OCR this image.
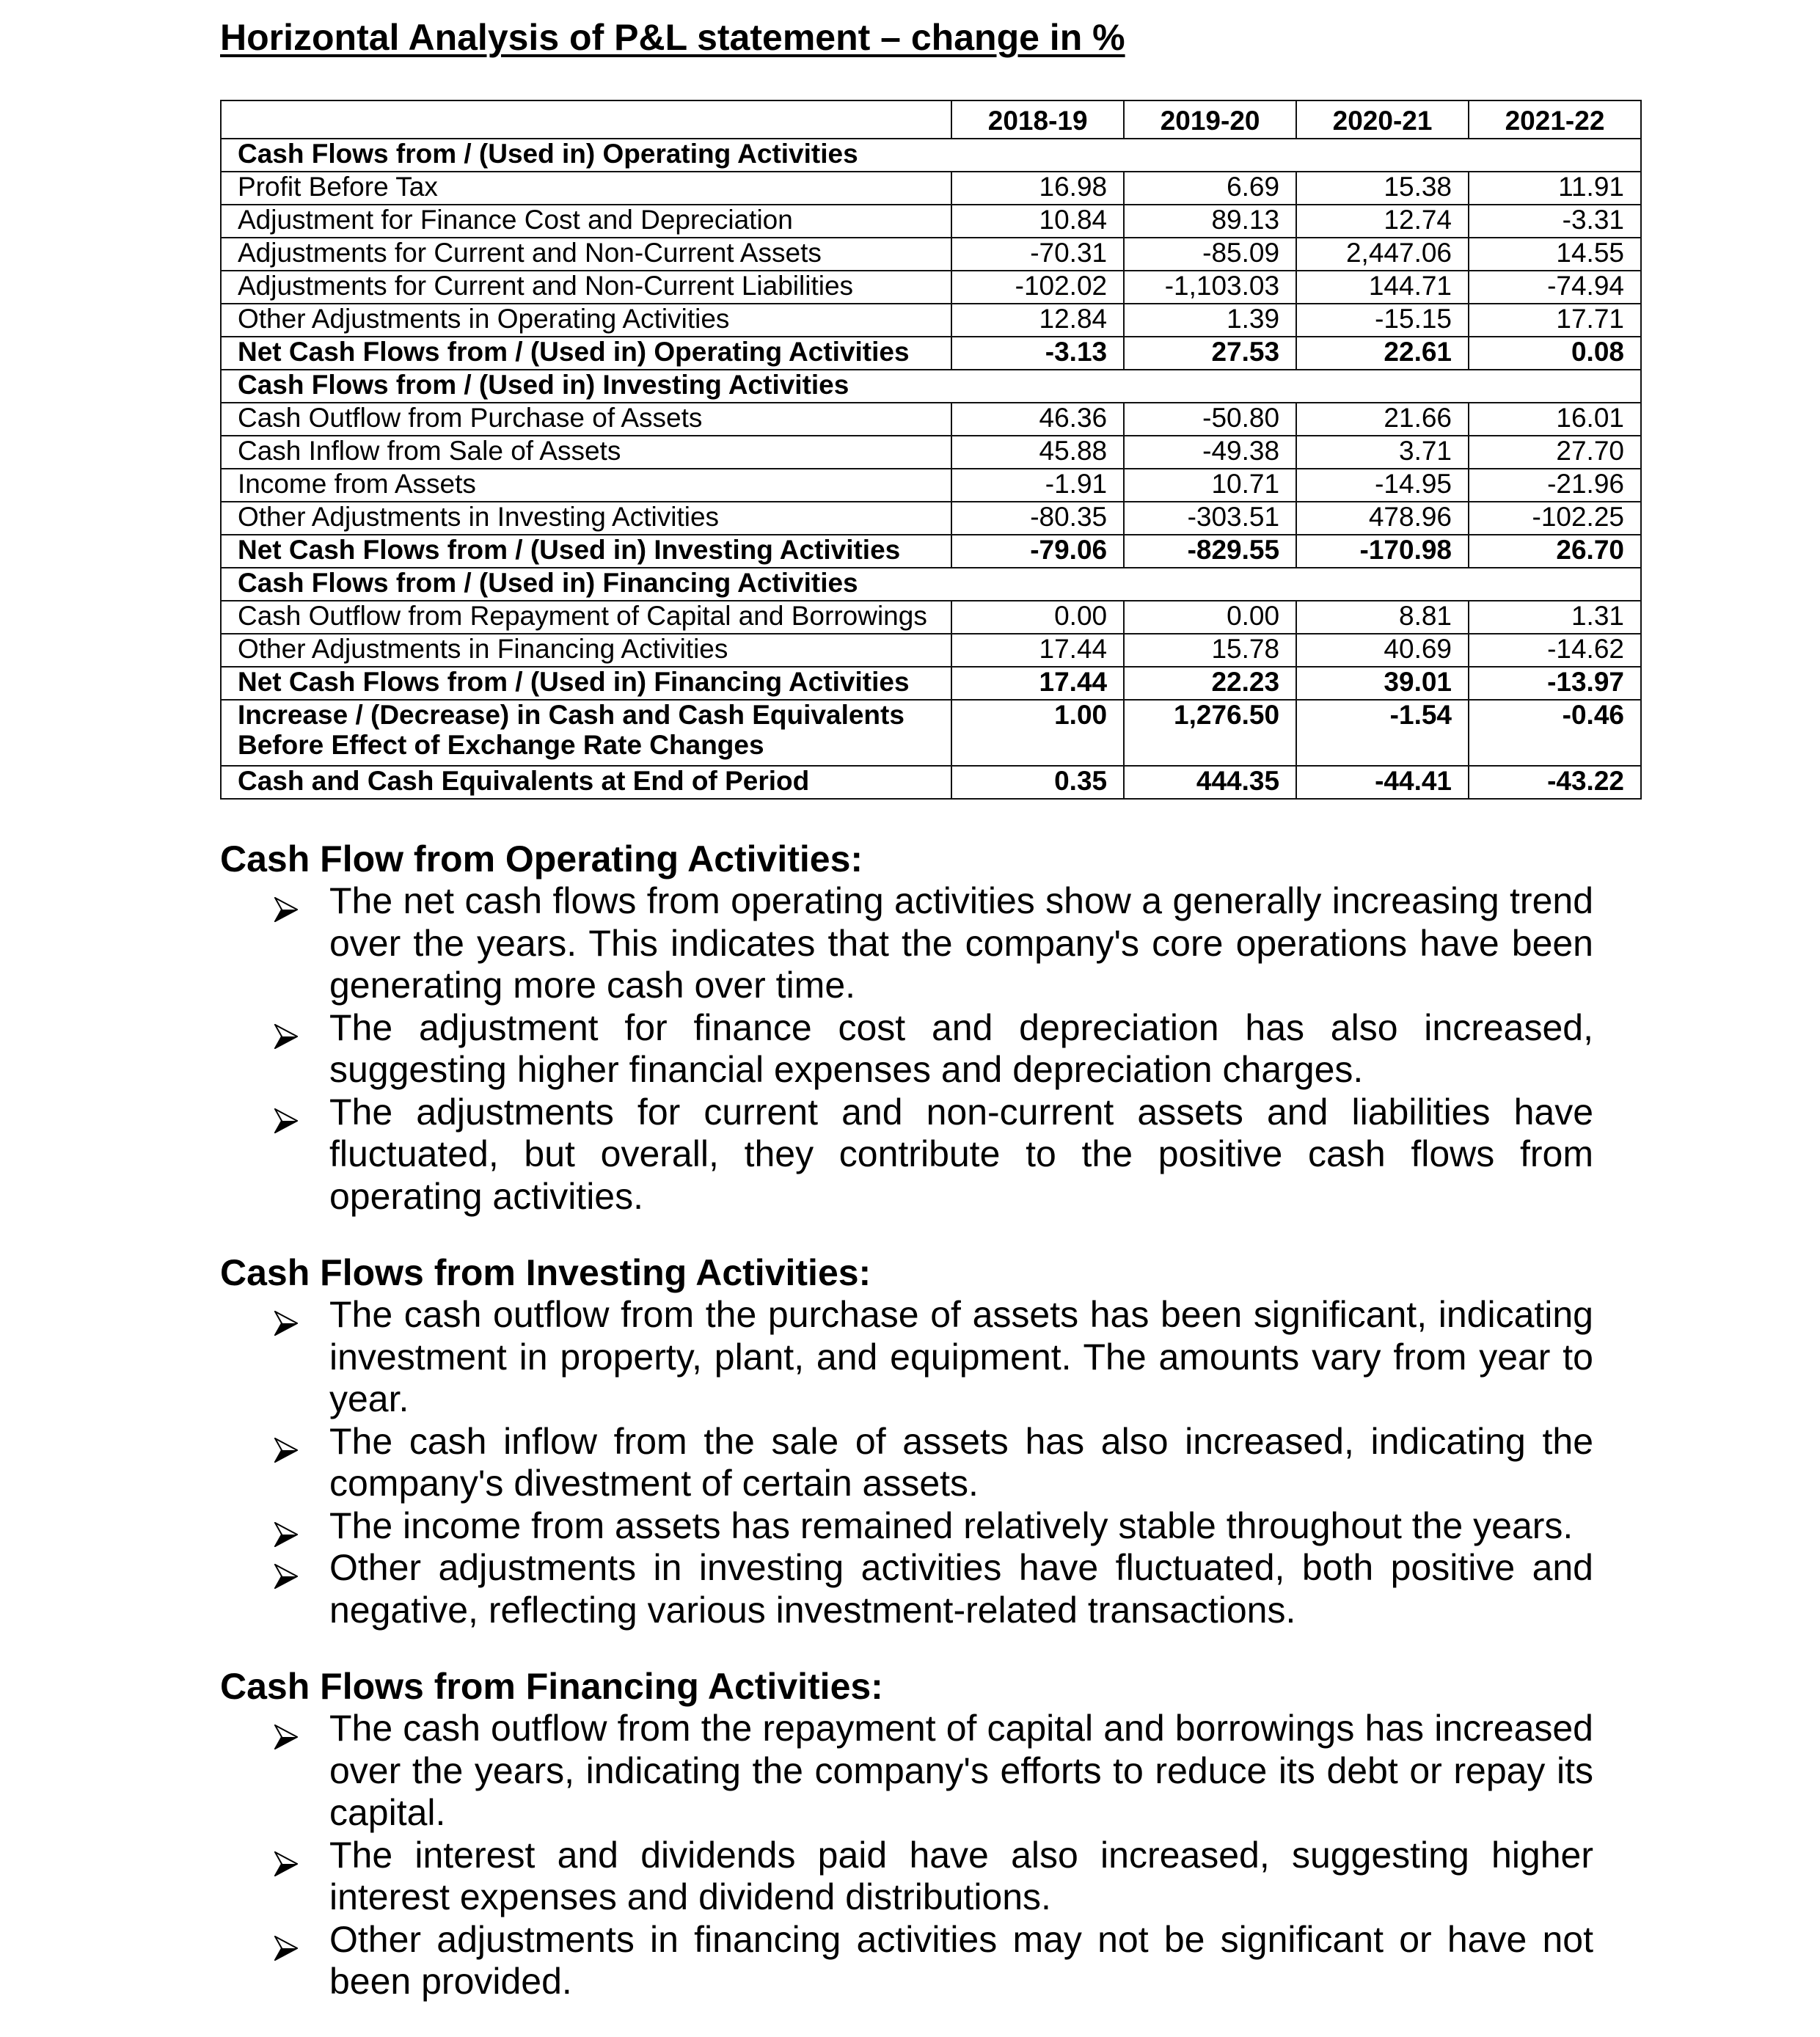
Horizontal Analysis of P&L statement – change in %
	2018-19	2019-20	2020-21	2021-22
Cash Flows from / (Used in) Operating Activities				
Profit Before Tax	16.98	6.69	15.38	11.91
Adjustment for Finance Cost and Depreciation	10.84	89.13	12.74	-3.31
Adjustments for Current and Non-Current Assets	-70.31	-85.09	2,447.06	14.55
Adjustments for Current and Non-Current Liabilities	-102.02	-1,103.03	144.71	-74.94
Other Adjustments in Operating Activities	12.84	1.39	-15.15	17.71
Net Cash Flows from / (Used in) Operating Activities	-3.13	27.53	22.61	0.08
Cash Flows from / (Used in) Investing Activities				
Cash Outflow from Purchase of Assets	46.36	-50.80	21.66	16.01
Cash Inflow from Sale of Assets	45.88	-49.38	3.71	27.70
Income from Assets	-1.91	10.71	-14.95	-21.96
Other Adjustments in Investing Activities	-80.35	-303.51	478.96	-102.25
Net Cash Flows from / (Used in) Investing Activities	-79.06	-829.55	-170.98	26.70
Cash Flows from / (Used in) Financing Activities				
Cash Outflow from Repayment of Capital and Borrowings	0.00	0.00	8.81	1.31
Other Adjustments in Financing Activities	17.44	15.78	40.69	-14.62
Net Cash Flows from / (Used in) Financing Activities	17.44	22.23	39.01	-13.97
Increase / (Decrease) in Cash and Cash Equivalents Before Effect of Exchange Rate Changes	1.00	1,276.50	-1.54	-0.46
Cash and Cash Equivalents at End of Period	0.35	444.35	-44.41	-43.22
Cash Flow from Operating Activities:
The net cash flows from operating activities show a generally increasing trend over the years. This indicates that the company's core operations have been generating more cash over time.
The adjustment for finance cost and depreciation has also increased, suggesting higher financial expenses and depreciation charges.
The adjustments for current and non-current assets and liabilities have fluctuated, but overall, they contribute to the positive cash flows from operating activities.
Cash Flows from Investing Activities:
The cash outflow from the purchase of assets has been significant, indicating investment in property, plant, and equipment. The amounts vary from year to year.
The cash inflow from the sale of assets has also increased, indicating the company's divestment of certain assets.
The income from assets has remained relatively stable throughout the years.
Other adjustments in investing activities have fluctuated, both positive and negative, reflecting various investment-related transactions.
Cash Flows from Financing Activities:
The cash outflow from the repayment of capital and borrowings has increased over the years, indicating the company's efforts to reduce its debt or repay its capital.
The interest and dividends paid have also increased, suggesting higher interest expenses and dividend distributions.
Other adjustments in financing activities may not be significant or have not been provided.
